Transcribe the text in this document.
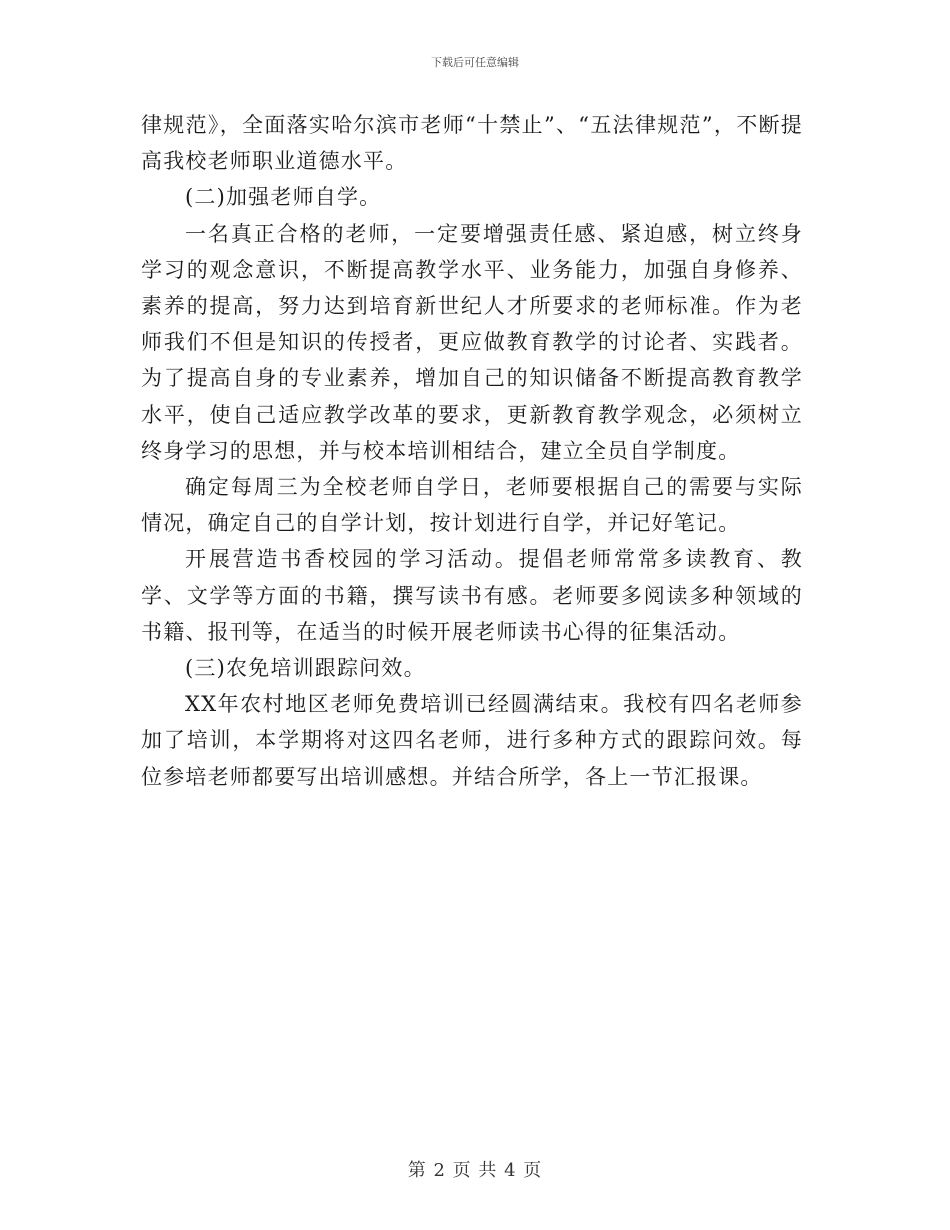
下载后可任意编辑

律规范》，全面落实哈尔滨市老师“十禁止”、“五法律规范”，不断提高我校老师职业道德水平。

(二)加强老师自学。

一名真正合格的老师，一定要增强责任感、紧迫感，树立终身学习的观念意识，不断提高教学水平、业务能力，加强自身修养、素养的提高，努力达到培育新世纪人才所要求的老师标准。作为老师我们不但是知识的传授者，更应做教育教学的讨论者、实践者。为了提高自身的专业素养，增加自己的知识储备不断提高教育教学水平，使自己适应教学改革的要求，更新教育教学观念，必须树立终身学习的思想，并与校本培训相结合，建立全员自学制度。

确定每周三为全校老师自学日，老师要根据自己的需要与实际情况，确定自己的自学计划，按计划进行自学，并记好笔记。

开展营造书香校园的学习活动。提倡老师常常多读教育、教学、文学等方面的书籍，撰写读书有感。老师要多阅读多种领域的书籍、报刊等，在适当的时候开展老师读书心得的征集活动。

(三)农免培训跟踪问效。

XX年农村地区老师免费培训已经圆满结束。我校有四名老师参加了培训，本学期将对这四名老师，进行多种方式的跟踪问效。每位参培老师都要写出培训感想。并结合所学，各上一节汇报课。

第 2 页 共 4 页
